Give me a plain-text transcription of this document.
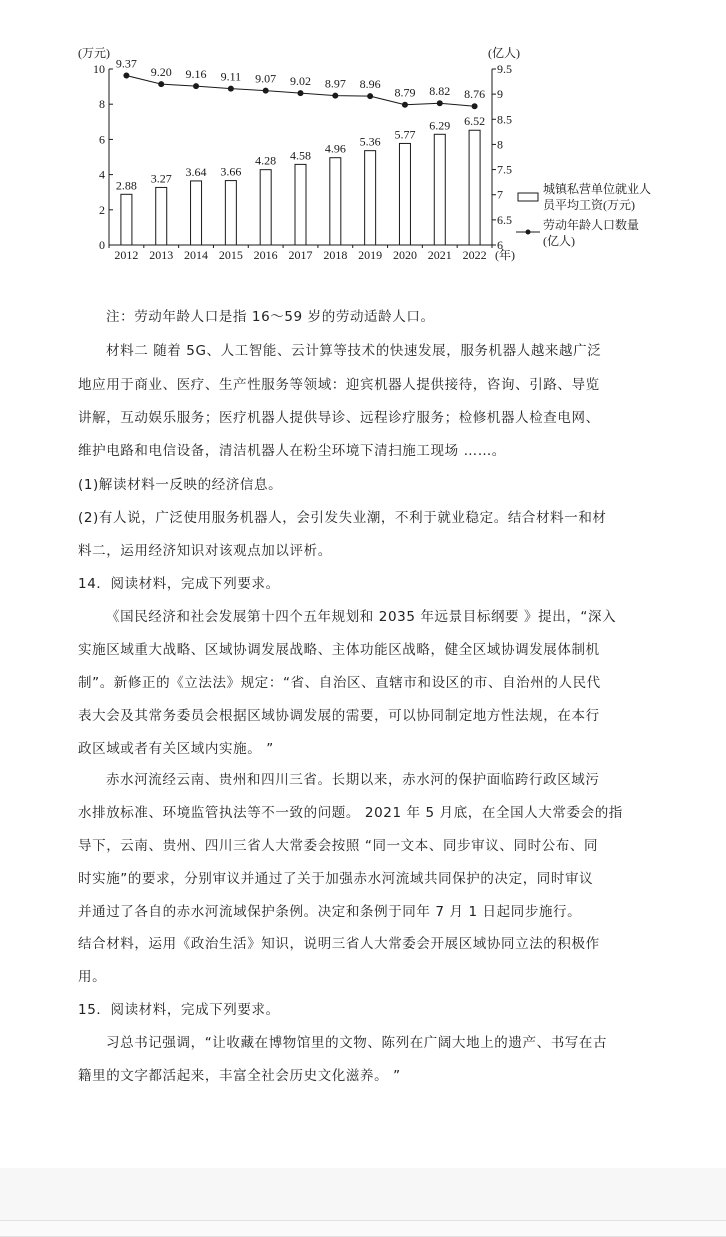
0
2
4
6
8
10
6
6.5
7
7.5
8
8.5
9
9.5
(万元)	(亿人)
(年)
2012 2013 2014 2015 2016 2017 2018 2019 2020 2021 2022
2.88 3.27 3.64 3.66
4.28 4.58 4.96
5.36
5.77
6.29 6.52
9.37
9.20 9.16 9.11 9.07 9.02 8.97 8.96
8.79 8.82 8.76
城镇私营单位就业人
员平均工资(万元)
劳动年龄人口数量
(亿人)
注：劳动年龄人口是指 16～59 岁的劳动适龄人口。
材料二 随着 5G、人工智能、云计算等技术的快速发展，服务机器人越来越广泛
地应用于商业、医疗、生产性服务等领域：迎宾机器人提供接待，咨询、引路、导览
讲解，互动娱乐服务；医疗机器人提供导诊、远程诊疗服务；检修机器人检查电网、
维护电路和电信设备，清洁机器人在粉尘环境下清扫施工现场 ……。
(1)解读材料一反映的经济信息。
(2)有人说，广泛使用服务机器人，会引发失业潮，不利于就业稳定。结合材料一和材
料二，运用经济知识对该观点加以评析。
14．阅读材料，完成下列要求。
《国民经济和社会发展第十四个五年规划和 2035 年远景目标纲要 》提出，“深入
实施区域重大战略、区域协调发展战略、主体功能区战略，健全区域协调发展体制机
制”。新修正的《立法法》规定：“省、自治区、直辖市和设区的市、自治州的人民代
表大会及其常务委员会根据区域协调发展的需要，可以协同制定地方性法规，在本行
政区域或者有关区域内实施。 ”
赤水河流经云南、贵州和四川三省。长期以来，赤水河的保护面临跨行政区域污
水排放标准、环境监管执法等不一致的问题。 2021 年 5 月底，在全国人大常委会的指
导下，云南、贵州、四川三省人大常委会按照 “同一文本、同步审议、同时公布、同
时实施”的要求，分别审议并通过了关于加强赤水河流域共同保护的决定，同时审议
并通过了各自的赤水河流域保护条例。决定和条例于同年 7 月 1 日起同步施行。
结合材料，运用《政治生活》知识，说明三省人大常委会开展区域协同立法的积极作
用。
15．阅读材料，完成下列要求。
习总书记强调，“让收藏在博物馆里的文物、陈列在广阔大地上的遗产、书写在古
籍里的文字都活起来，丰富全社会历史文化滋养。 ”
